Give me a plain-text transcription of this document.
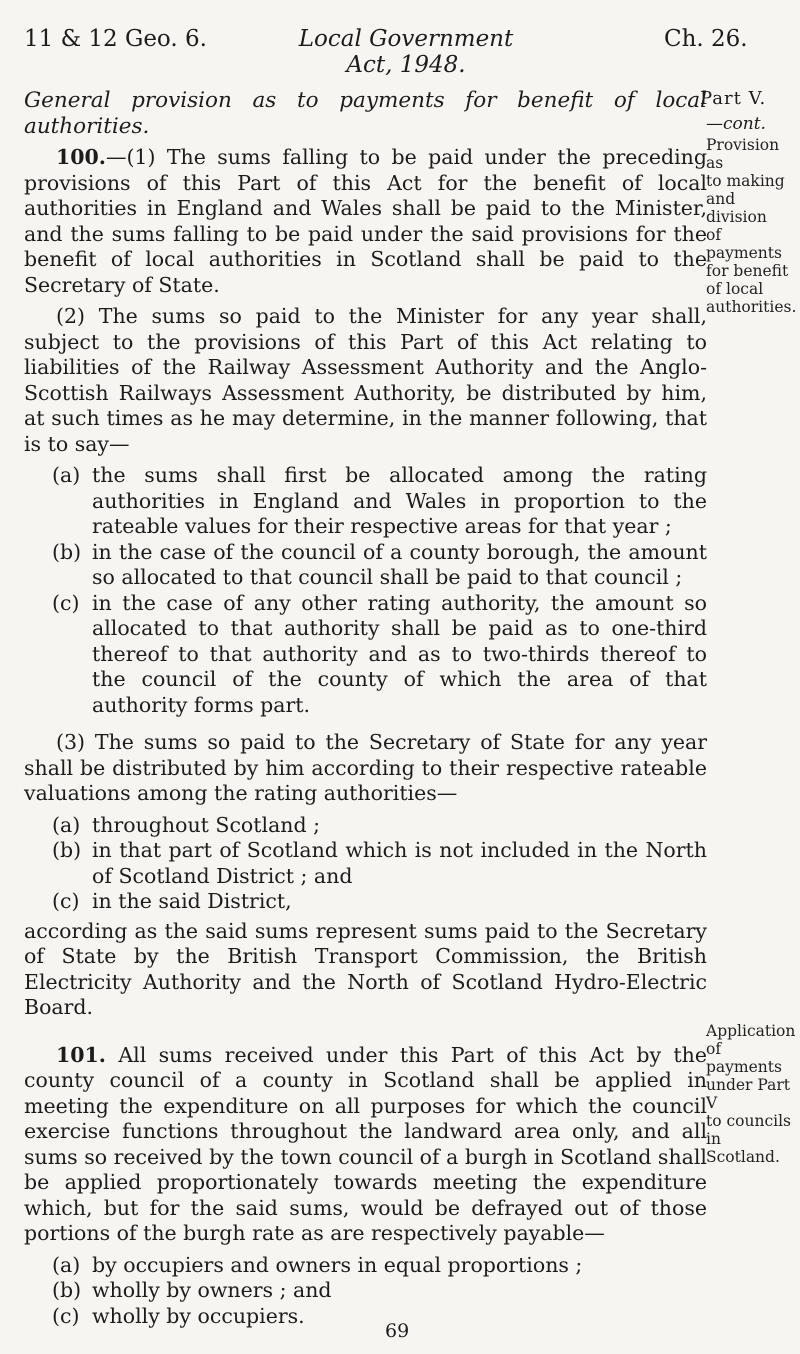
11 & 12 Geo. 6.	Local Government
Act, 1948.
Ch. 26.
Part V.
—cont.
Provision as
to making
and division
of payments
for benefit
of local
authorities.
Application
of payments
under Part V
to councils in
Scotland.
General provision as to payments for benefit of local authorities.

100.—(1) The sums falling to be paid under the preceding provisions of this Part of this Act for the benefit of local authorities in England and Wales shall be paid to the Minister, and the sums falling to be paid under the said provisions for the benefit of local authorities in Scotland shall be paid to the Secretary of State.

(2) The sums so paid to the Minister for any year shall, subject to the provisions of this Part of this Act relating to liabilities of the Railway Assessment Authority and the Anglo-Scottish Railways Assessment Authority, be distributed by him, at such times as he may determine, in the manner following, that is to say—

(a) the sums shall first be allocated among the rating authorities in England and Wales in proportion to the rateable values for their respective areas for that year ;
(b) in the case of the council of a county borough, the amount so allocated to that council shall be paid to that council ;
(c) in the case of any other rating authority, the amount so allocated to that authority shall be paid as to one-third thereof to that authority and as to two-thirds thereof to the council of the county of which the area of that authority forms part.

(3) The sums so paid to the Secretary of State for any year shall be distributed by him according to their respective rateable valuations among the rating authorities—

(a) throughout Scotland ;
(b) in that part of Scotland which is not included in the North of Scotland District ; and
(c) in the said District,

according as the said sums represent sums paid to the Secretary of State by the British Transport Commission, the British Electricity Authority and the North of Scotland Hydro-Electric Board.

101. All sums received under this Part of this Act by the county council of a county in Scotland shall be applied in meeting the expenditure on all purposes for which the council exercise functions throughout the landward area only, and all sums so received by the town council of a burgh in Scotland shall be applied proportionately towards meeting the expenditure which, but for the said sums, would be defrayed out of those portions of the burgh rate as are respectively payable—

(a) by occupiers and owners in equal proportions ;
(b) wholly by owners ; and
(c) wholly by occupiers.
69
